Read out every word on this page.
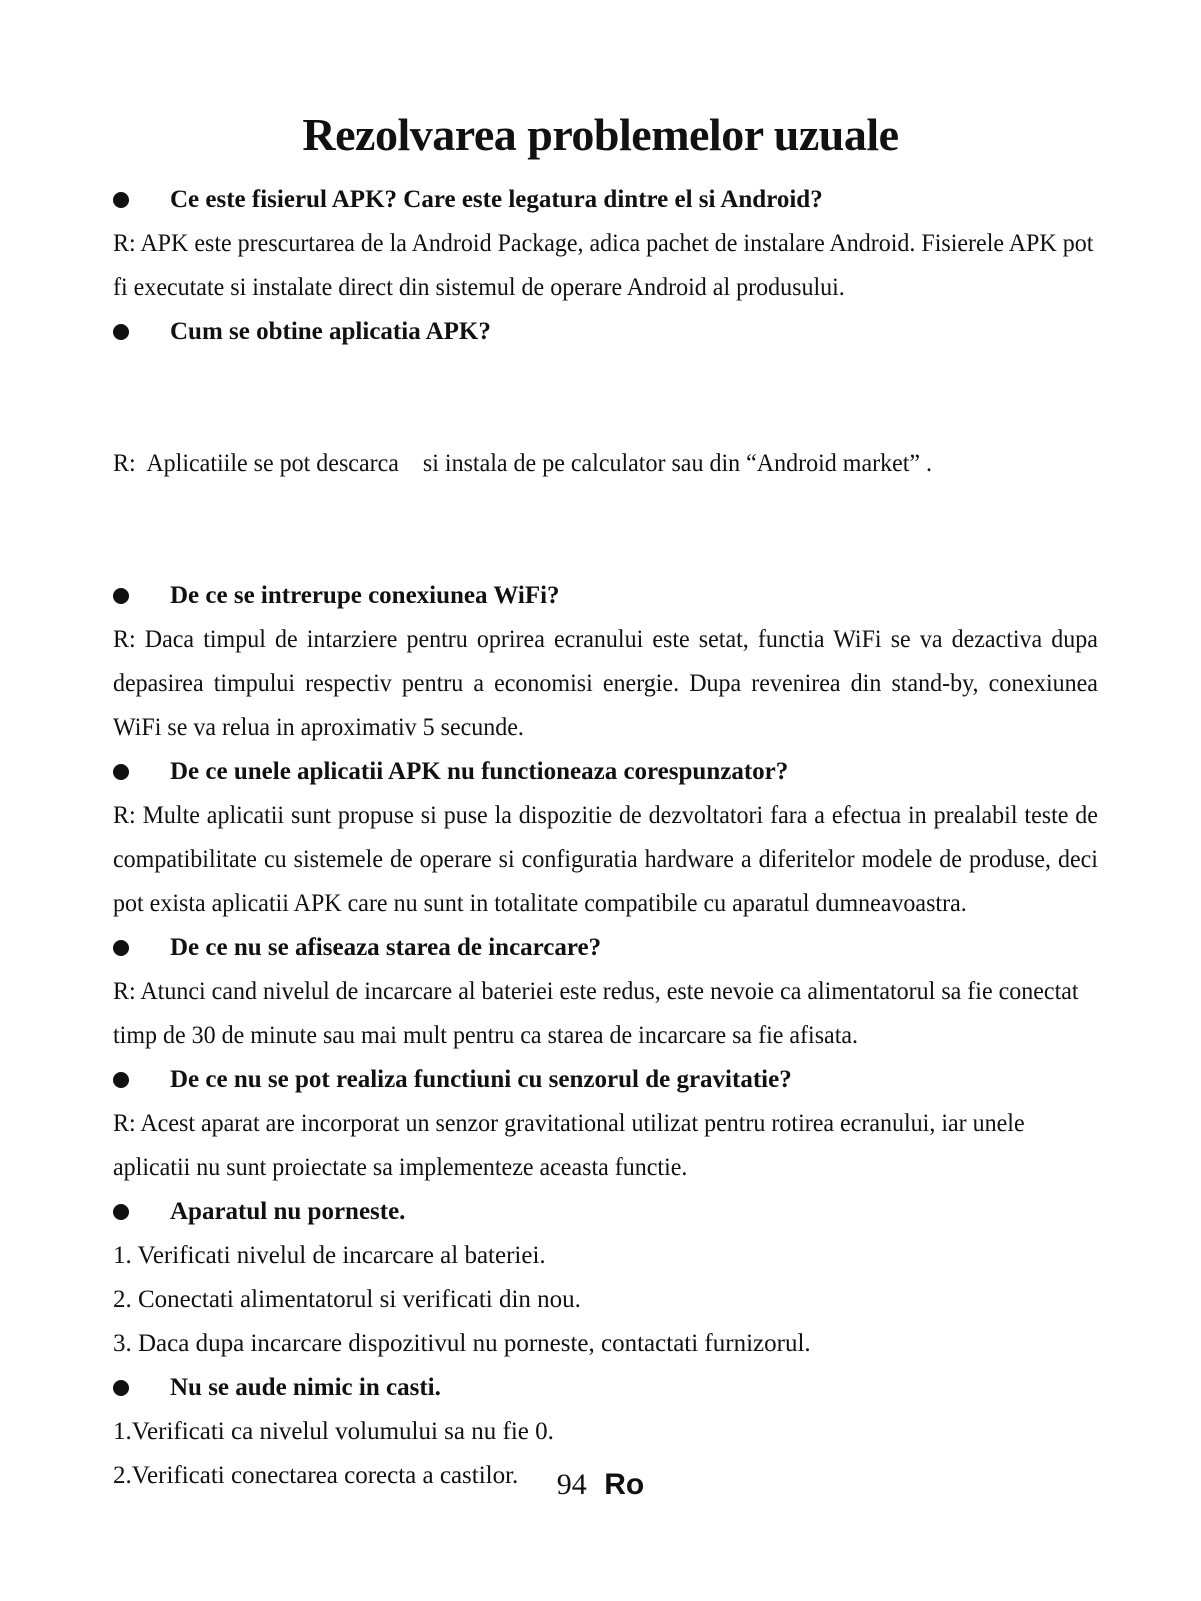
Rezolvarea problemelor uzuale
Ce este fisierul APK? Care este legatura dintre el si Android?

R: APK este prescurtarea de la Android Package, adica pachet de instalare Android. Fisierele APK pot fi executate si instalate direct din sistemul de operare Android al produsului.

Cum se obtine aplicatia APK?

R:  Aplicatiile se pot descarca    si instala de pe calculator sau din “Android market” .

De ce se intrerupe conexiunea WiFi?

R: Daca timpul de intarziere pentru oprirea ecranului este setat, functia WiFi se va dezactiva dupa depasirea timpului respectiv pentru a economisi energie. Dupa revenirea din stand-by, conexiunea WiFi se va relua in aproximativ 5 secunde.

De ce unele aplicatii APK nu functioneaza corespunzator?

R: Multe aplicatii sunt propuse si puse la dispozitie de dezvoltatori fara a efectua in prealabil teste de compatibilitate cu sistemele de operare si configuratia hardware a diferitelor modele de produse, deci pot exista aplicatii APK care nu sunt in totalitate compatibile cu aparatul dumneavoastra.

De ce nu se afiseaza starea de incarcare?

R: Atunci cand nivelul de incarcare al bateriei este redus, este nevoie ca alimentatorul sa fie conectat timp de 30 de minute sau mai mult pentru ca starea de incarcare sa fie afisata.

De ce nu se pot realiza functiuni cu senzorul de gravitatie?

R: Acest aparat are incorporat un senzor gravitational utilizat pentru rotirea ecranului, iar unele aplicatii nu sunt proiectate sa implementeze aceasta functie.

Aparatul nu porneste.
1. Verificati nivelul de incarcare al bateriei.
2. Conectati alimentatorul si verificati din nou.
3. Daca dupa incarcare dispozitivul nu porneste, contactati furnizorul.
Nu se aude nimic in casti.
1.Verificati ca nivelul volumului sa nu fie 0.
2.Verificati conectarea corecta a castilor.	94 Ro
